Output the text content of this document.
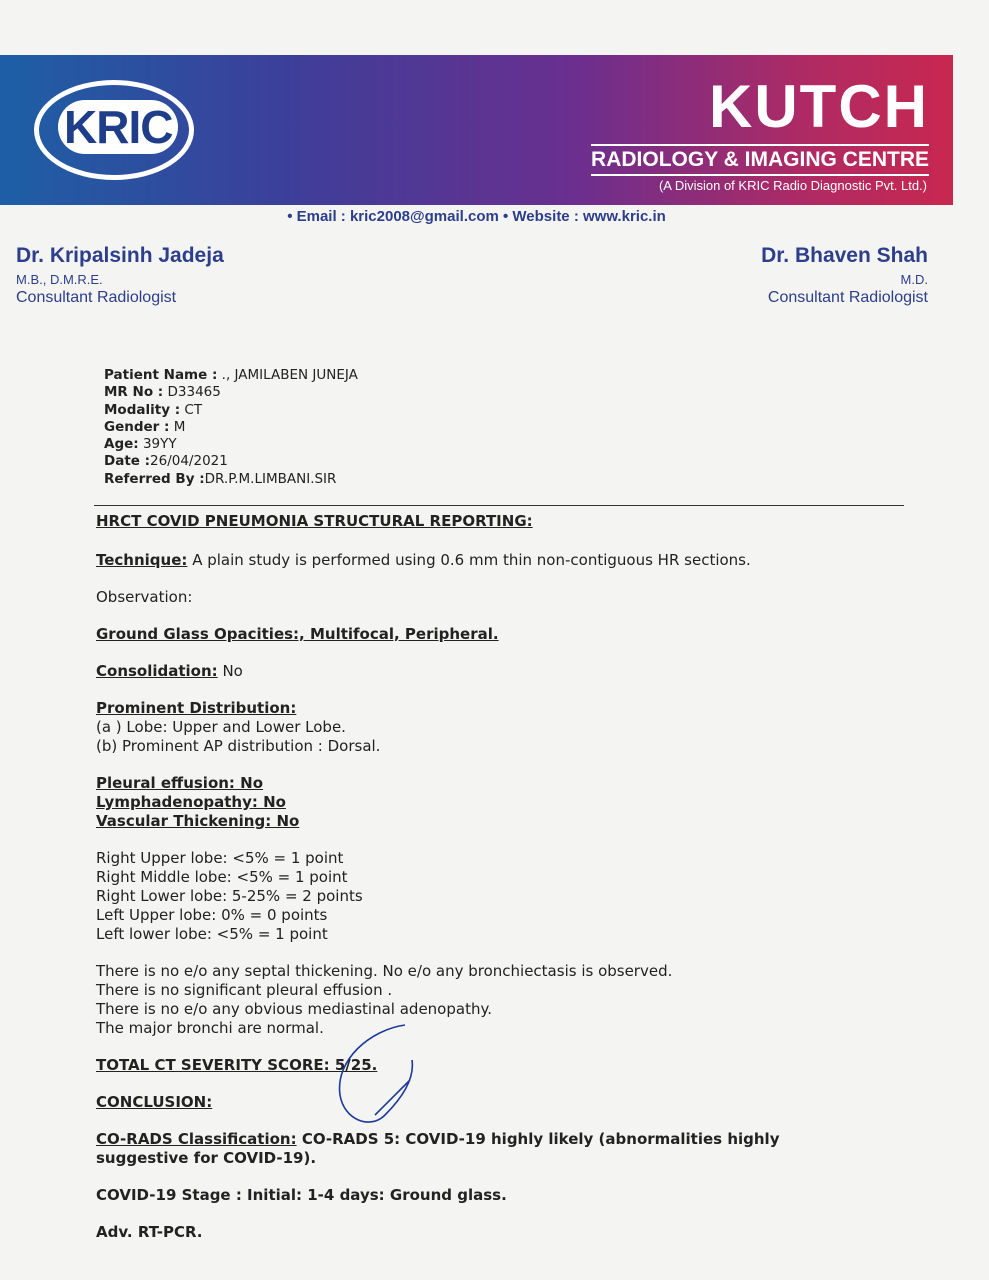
KRIC	KUTCH
RADIOLOGY & IMAGING CENTRE
(A Division of KRIC Radio Diagnostic Pvt. Ltd.)
• Email : kric2008@gmail.com • Website : www.kric.in
Dr. Kripalsinh Jadeja
M.B., D.M.R.E.
Consultant Radiologist
Dr. Bhaven Shah
M.D.
Consultant Radiologist
Patient Name : ., JAMILABEN JUNEJA
MR No : D33465
Modality : CT
Gender : M
Age: 39YY
Date :26/04/2021
Referred By :DR.P.M.LIMBANI.SIR
HRCT COVID PNEUMONIA STRUCTURAL REPORTING:
Technique: A plain study is performed using 0.6 mm thin non-contiguous HR sections.
Observation:
Ground Glass Opacities:, Multifocal, Peripheral.
Consolidation: No
Prominent Distribution:
(a ) Lobe: Upper and Lower Lobe.
(b) Prominent AP distribution : Dorsal.
Pleural effusion: No
Lymphadenopathy: No
Vascular Thickening: No
Right Upper lobe: <5% = 1 point
Right Middle lobe: <5% = 1 point
Right Lower lobe: 5-25% = 2 points
Left Upper lobe: 0% = 0 points
Left lower lobe: <5% = 1 point
There is no e/o any septal thickening. No e/o any bronchiectasis is observed.
There is no significant pleural effusion .
There is no e/o any obvious mediastinal adenopathy.
The major bronchi are normal.
TOTAL CT SEVERITY SCORE: 5/25.
CONCLUSION:
CO-RADS Classification: CO-RADS 5: COVID-19 highly likely (abnormalities highly suggestive for COVID-19).
COVID-19 Stage : Initial: 1-4 days: Ground glass.
Adv. RT-PCR.
